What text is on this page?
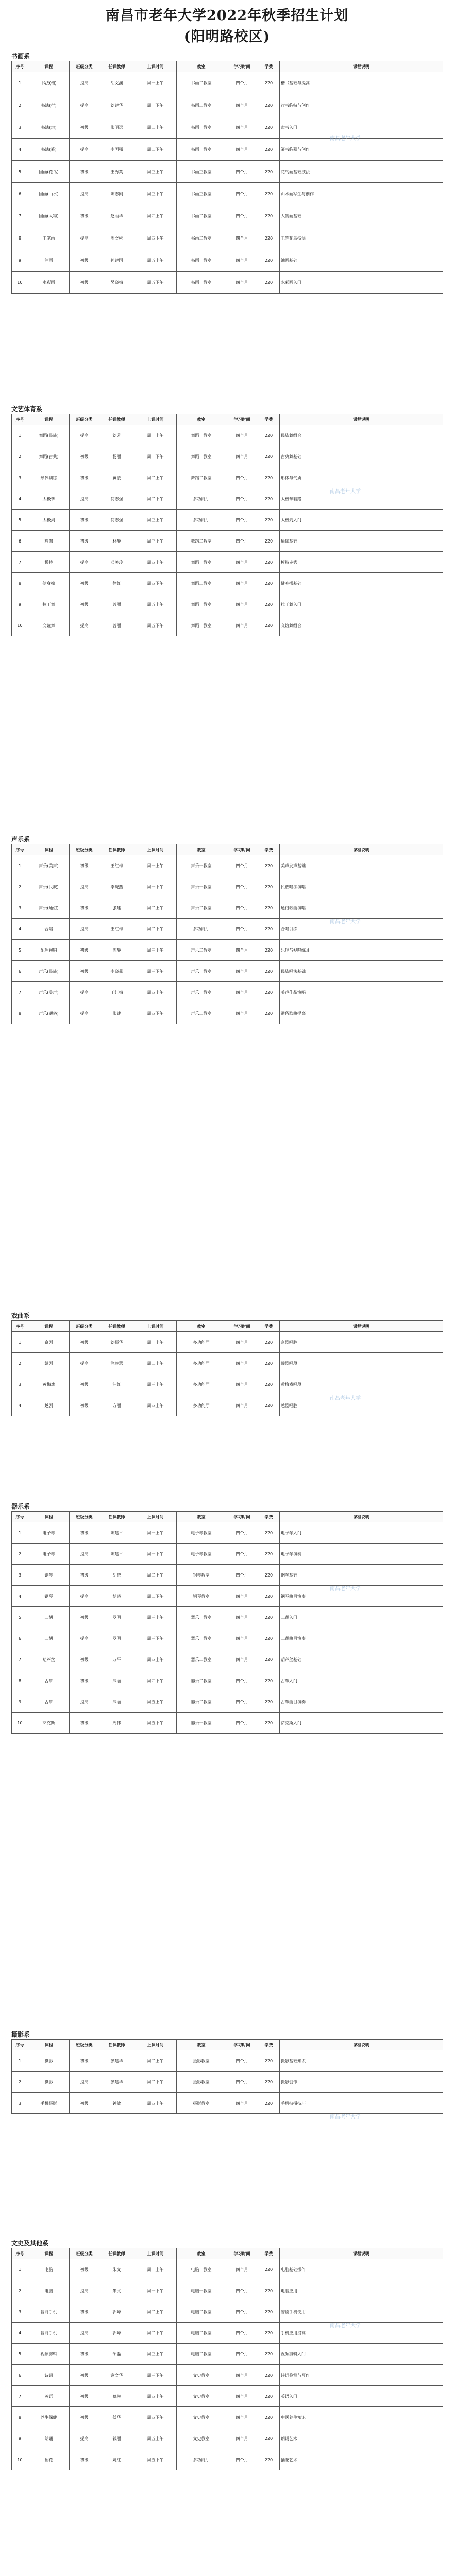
南昌市老年大学2022年秋季招生计划
(阳明路校区)
书画系
序号	课程	班级分类	任课教师	上课时间	教室	学习时间	学费	课程说明
1	书法(楷)	提高	胡文澜	周一上午	书画二教室	四个月	220	楷书基础与提高
2	书法(行)	提高	刘建华	周一下午	书画二教室	四个月	220	行书临帖与创作
3	书法(隶)	初级	张明远	周二上午	书画一教室	四个月	220	隶书入门
4	书法(篆)	提高	李国强	周二下午	书画一教室	四个月	220	篆书临摹与创作
5	国画(花鸟)	初级	王秀英	周三上午	书画三教室	四个月	220	花鸟画基础技法
6	国画(山水)	提高	陈志刚	周三下午	书画三教室	四个月	220	山水画写生与创作
7	国画(人物)	初级	赵丽华	周四上午	书画二教室	四个月	220	人物画基础
8	工笔画	提高	周文彬	周四下午	书画二教室	四个月	220	工笔花鸟技法
9	油画	初级	孙建国	周五上午	书画一教室	四个月	220	油画基础
10	水彩画	初级	吴晓梅	周五下午	书画一教室	四个月	220	水彩画入门
南昌老年大学
文艺体育系
序号	课程	班级分类	任课教师	上课时间	教室	学习时间	学费	课程说明
1	舞蹈(民族)	提高	刘芳	周一上午	舞蹈一教室	四个月	220	民族舞组合
2	舞蹈(古典)	初级	杨丽	周一下午	舞蹈一教室	四个月	220	古典舞基础
3	形体训练	初级	黄敏	周二上午	舞蹈二教室	四个月	220	形体与气质
4	太极拳	提高	何志强	周二下午	多功能厅	四个月	220	太极拳套路
5	太极剑	初级	何志强	周三上午	多功能厅	四个月	220	太极剑入门
6	瑜伽	初级	林静	周三下午	舞蹈二教室	四个月	220	瑜伽基础
7	模特	提高	邓美玲	周四上午	舞蹈一教室	四个月	220	模特走秀
8	健身操	初级	徐红	周四下午	舞蹈二教室	四个月	220	健身操基础
9	拉丁舞	初级	曾丽	周五上午	舞蹈一教室	四个月	220	拉丁舞入门
10	交谊舞	提高	曾丽	周五下午	舞蹈一教室	四个月	220	交谊舞组合
南昌老年大学
声乐系
序号	课程	班级分类	任课教师	上课时间	教室	学习时间	学费	课程说明
1	声乐(美声)	初级	王红梅	周一上午	声乐一教室	四个月	220	美声发声基础
2	声乐(民族)	提高	李晓燕	周一下午	声乐一教室	四个月	220	民族唱法演唱
3	声乐(通俗)	初级	张建	周二上午	声乐二教室	四个月	220	通俗歌曲演唱
4	合唱	提高	王红梅	周二下午	多功能厅	四个月	220	合唱训练
5	乐理视唱	初级	陈静	周三上午	声乐二教室	四个月	220	乐理与视唱练耳
6	声乐(民族)	初级	李晓燕	周三下午	声乐一教室	四个月	220	民族唱法基础
7	声乐(美声)	提高	王红梅	周四上午	声乐一教室	四个月	220	美声作品演唱
8	声乐(通俗)	提高	张建	周四下午	声乐二教室	四个月	220	通俗歌曲提高
南昌老年大学
戏曲系
序号	课程	班级分类	任课教师	上课时间	教室	学习时间	学费	课程说明
1	京剧	初级	刘振华	周一上午	多功能厅	四个月	220	京剧唱腔
2	赣剧	提高	涂玲慧	周二上午	多功能厅	四个月	220	赣剧唱段
3	黄梅戏	初级	汪红	周三上午	多功能厅	四个月	220	黄梅戏唱段
4	越剧	初级	方丽	周四上午	多功能厅	四个月	220	越剧唱腔
南昌老年大学
器乐系
序号	课程	班级分类	任课教师	上课时间	教室	学习时间	学费	课程说明
1	电子琴	初级	陈建平	周一上午	电子琴教室	四个月	220	电子琴入门
2	电子琴	提高	陈建平	周一下午	电子琴教室	四个月	220	电子琴演奏
3	钢琴	初级	胡晓	周二上午	钢琴教室	四个月	220	钢琴基础
4	钢琴	提高	胡晓	周二下午	钢琴教室	四个月	220	钢琴曲目演奏
5	二胡	初级	罗明	周三上午	器乐一教室	四个月	220	二胡入门
6	二胡	提高	罗明	周三下午	器乐一教室	四个月	220	二胡曲目演奏
7	葫芦丝	初级	万平	周四上午	器乐二教室	四个月	220	葫芦丝基础
8	古筝	初级	熊丽	周四下午	器乐二教室	四个月	220	古筝入门
9	古筝	提高	熊丽	周五上午	器乐二教室	四个月	220	古筝曲目演奏
10	萨克斯	初级	周伟	周五下午	器乐一教室	四个月	220	萨克斯入门
南昌老年大学
摄影系
序号	课程	班级分类	任课教师	上课时间	教室	学习时间	学费	课程说明
1	摄影	初级	彭建华	周二上午	摄影教室	四个月	220	摄影基础知识
2	摄影	提高	彭建华	周二下午	摄影教室	四个月	220	摄影创作
3	手机摄影	初级	钟敏	周四上午	摄影教室	四个月	220	手机拍摄技巧
南昌老年大学
文史及其他系
序号	课程	班级分类	任课教师	上课时间	教室	学习时间	学费	课程说明
1	电脑	初级	朱文	周一上午	电脑一教室	四个月	220	电脑基础操作
2	电脑	提高	朱文	周一下午	电脑一教室	四个月	220	电脑应用
3	智能手机	初级	郭峰	周二上午	电脑二教室	四个月	220	智能手机使用
4	智能手机	提高	郭峰	周二下午	电脑二教室	四个月	220	手机应用提高
5	视频剪辑	初级	邹磊	周三上午	电脑二教室	四个月	220	视频剪辑入门
6	诗词	初级	谢文华	周三下午	文史教室	四个月	220	诗词鉴赏与写作
7	英语	初级	蔡琳	周四上午	文史教室	四个月	220	英语入门
8	养生保健	初级	傅华	周四下午	文史教室	四个月	220	中医养生知识
9	朗诵	提高	钱丽	周五上午	文史教室	四个月	220	朗诵艺术
10	插花	初级	姚红	周五下午	多功能厅	四个月	220	插花艺术
南昌老年大学
